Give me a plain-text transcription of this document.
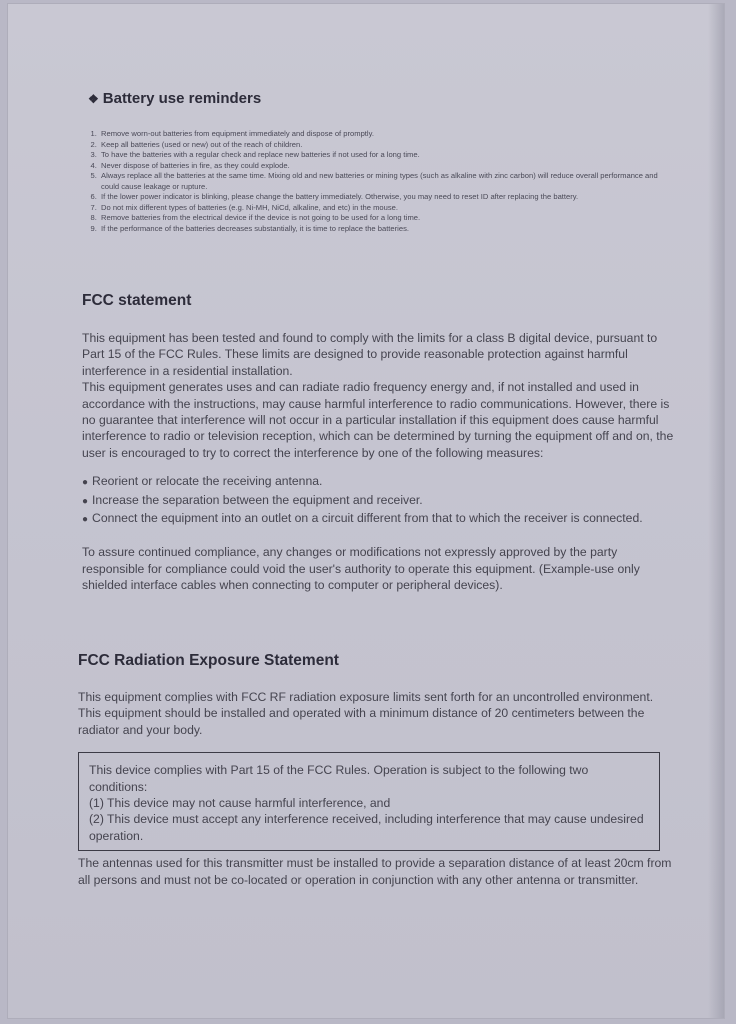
❖ Battery use reminders
1. Remove worn-out batteries from equipment immediately and dispose of promptly.
2. Keep all batteries (used or new) out of the reach of children.
3. To have the batteries with a regular check and replace new batteries if not used for a long time.
4. Never dispose of batteries in fire, as they could explode.
5. Always replace all the batteries at the same time. Mixing old and new batteries or mining types (such as alkaline with zinc carbon) will reduce overall performance and could cause leakage or rupture.
6. If the lower power indicator is blinking, please change the battery immediately. Otherwise, you may need to reset ID after replacing the battery.
7. Do not mix different types of batteries (e.g. Ni-MH, NiCd, alkaline, and etc) in the mouse.
8. Remove batteries from the electrical device if the device is not going to be used for a long time.
9. If the performance of the batteries decreases substantially, it is time to replace the batteries.
FCC statement

This equipment has been tested and found to comply with the limits for a class B digital device, pursuant to Part 15 of the FCC Rules. These limits are designed to provide reasonable protection against harmful interference in a residential installation.

This equipment generates uses and can radiate radio frequency energy and, if not installed and used in accordance with the instructions, may cause harmful interference to radio communications. However, there is no guarantee that interference will not occur in a particular installation if this equipment does cause harmful interference to radio or television reception, which can be determined by turning the equipment off and on, the user is encouraged to try to correct the interference by one of the following measures:

● Reorient or relocate the receiving antenna.
● Increase the separation between the equipment and receiver.
● Connect the equipment into an outlet on a circuit different from that to which the receiver is connected.

To assure continued compliance, any changes or modifications not expressly approved by the party responsible for compliance could void the user's authority to operate this equipment. (Example-use only shielded interface cables when connecting to computer or peripheral devices).

FCC Radiation Exposure Statement

This equipment complies with FCC RF radiation exposure limits sent forth for an uncontrolled environment. This equipment should be installed and operated with a minimum distance of 20 centimeters between the radiator and your body.

This device complies with Part 15 of the FCC Rules. Operation is subject to the following two conditions:

(1) This device may not cause harmful interference, and

(2) This device must accept any interference received, including interference that may cause undesired operation.

The antennas used for this transmitter must be installed to provide a separation distance of at least 20cm from all persons and must not be co-located or operation in conjunction with any other antenna or transmitter.
